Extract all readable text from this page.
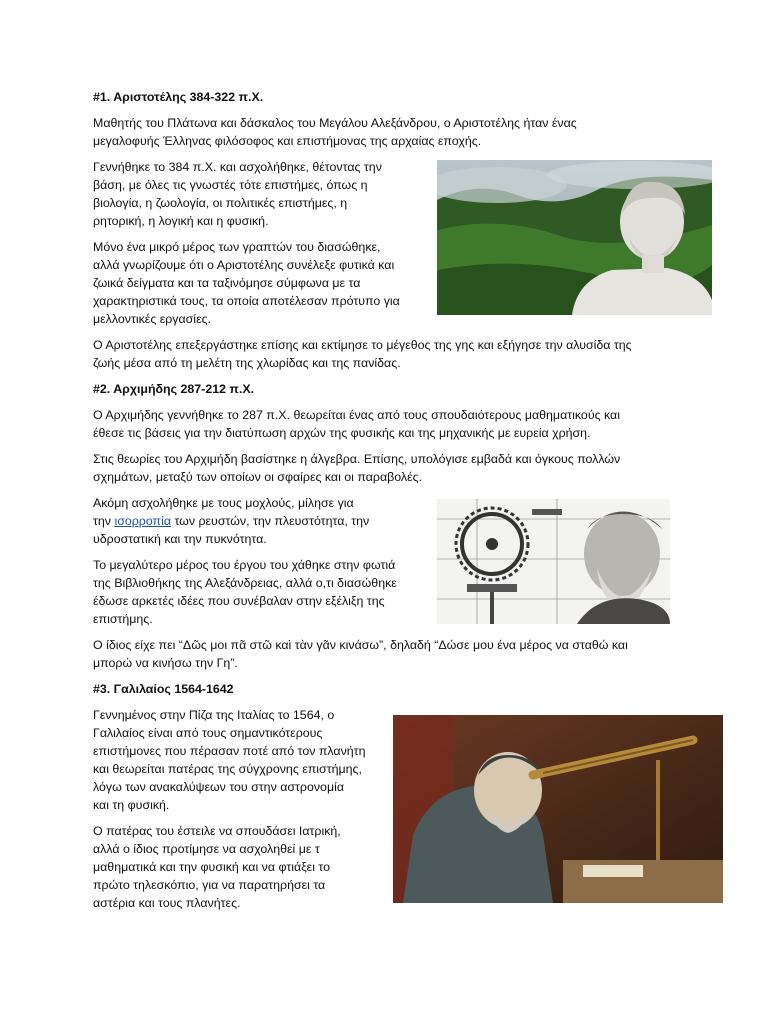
#1. Αριστοτέλης 384-322 π.Χ.

Μαθητής του Πλάτωνα και δάσκαλος του Μεγάλου Αλεξάνδρου, ο Αριστοτέλης ήταν ένας
μεγαλοφυής Έλληνας φιλόσοφος και επιστήμονας της αρχαίας εποχής.

Γεννήθηκε το 384 π.Χ. και ασχολήθηκε, θέτοντας την
βάση, με όλες τις γνωστές τότε επιστήμες, όπως η
βιολογία, η ζωολογία, οι πολιτικές επιστήμες, η
ρητορική, η λογική και η φυσική.

Μόνο ένα μικρό μέρος των γραπτών του διασώθηκε,
αλλά γνωρίζουμε ότι ο Αριστοτέλης συνέλεξε φυτικά και
ζωικά δείγματα και τα ταξινόμησε σύμφωνα με τα
χαρακτηριστικά τους, τα οποία αποτέλεσαν πρότυπο για
μελλοντικές εργασίες.

Ο Αριστοτέλης επεξεργάστηκε επίσης και εκτίμησε το μέγεθος της γης και εξήγησε την αλυσίδα της
ζωής μέσα από τη μελέτη της χλωρίδας και της πανίδας.

#2. Αρχιμήδης 287-212 π.Χ.

Ο Αρχιμήδης γεννήθηκε το 287 π.Χ. θεωρείται ένας από τους σπουδαιότερους μαθηματικούς και
έθεσε τις βάσεις για την διατύπωση αρχών της φυσικής και της μηχανικής με ευρεία χρήση.

Στις θεωρίες του Αρχιμήδη βασίστηκε η άλγεβρα. Επίσης, υπολόγισε εμβαδά και όγκους πολλών
σχημάτων, μεταξύ των οποίων οι σφαίρες και οι παραβολές.

Ακόμη ασχολήθηκε με τους μοχλούς, μίλησε για
την ισορροπία των ρευστών, την πλευστότητα, την
υδροστατική και την πυκνότητα.

Το μεγαλύτερο μέρος του έργου του χάθηκε στην φωτιά
της Βιβλιοθήκης της Αλεξάνδρειας, αλλά ο,τι διασώθηκε
έδωσε αρκετές ιδέες που συνέβαλαν στην εξέλιξη της
επιστήμης.

Ο ίδιος είχε πει “Δῶς μοι πᾶ στῶ καὶ τὰν γᾶν κινάσω”, δηλαδή “Δώσε μου ένα μέρος να σταθώ και
μπορώ να κινήσω την Γη”.

#3. Γαλιλαίος 1564-1642

Γεννημένος στην Πίζα της Ιταλίας το 1564, ο
Γαλιλαίος είναι από τους σημαντικότερους
επιστήμονες που πέρασαν ποτέ από τον πλανήτη
και θεωρείται πατέρας της σύγχρονης επιστήμης,
λόγω των ανακαλύψεων του στην αστρονομία
και τη φυσική.

Ο πατέρας του έστειλε να σπουδάσει Ιατρική,
αλλά ο ίδιος προτίμησε να ασχοληθεί με τ
μαθηματικά και την φυσική και να φτιάξει το
πρώτο τηλεσκόπιο, για να παρατηρήσει τα
αστέρια και τους πλανήτες.
